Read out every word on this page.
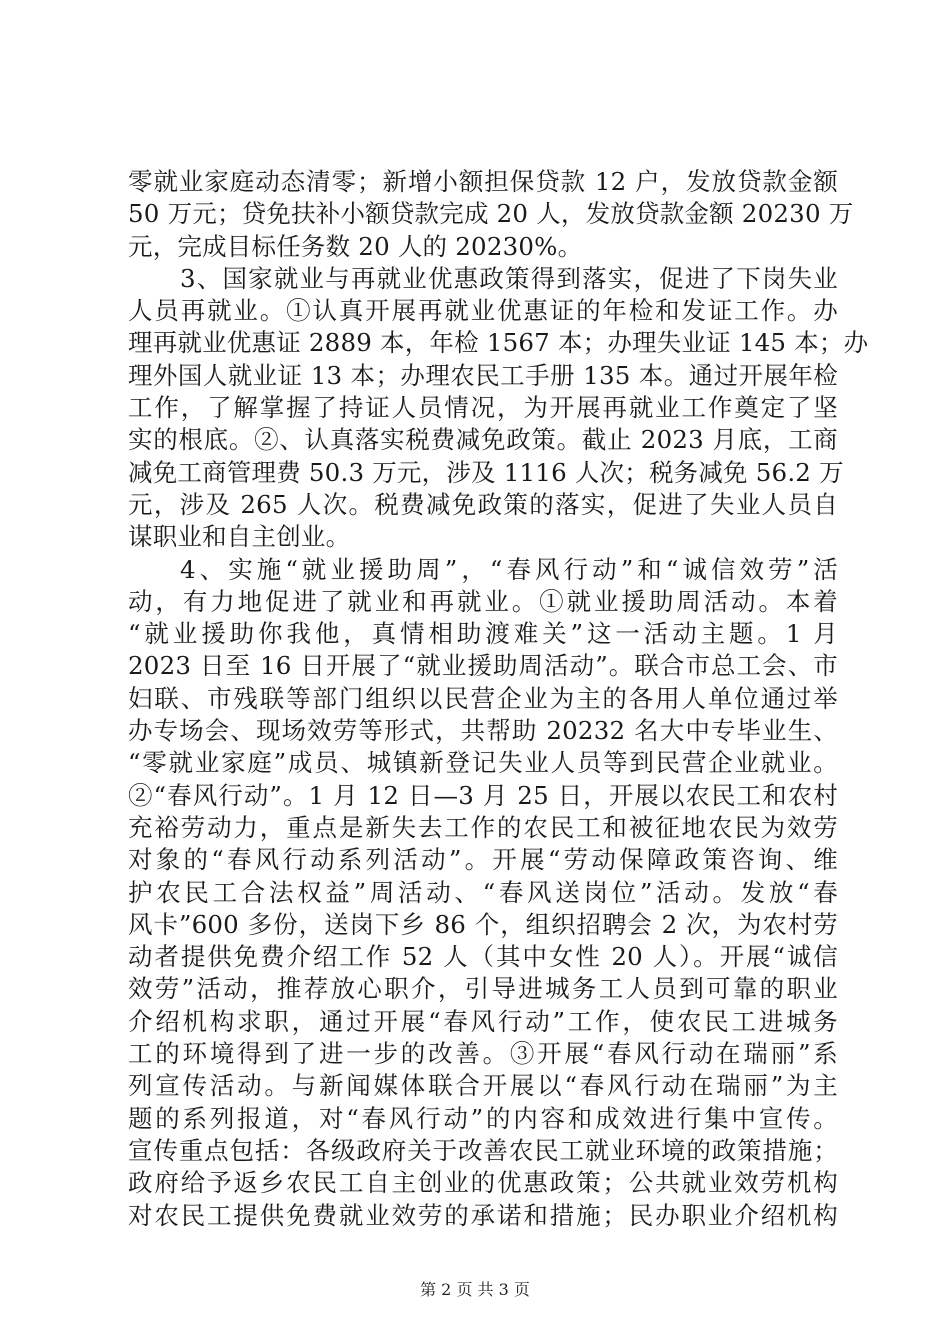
零就业家庭动态清零；新增小额担保贷款 12 户，发放贷款金额
50 万元；贷免扶补小额贷款完成 20 人，发放贷款金额 20230 万
元，完成目标任务数 20 人的 20230%。
3、国家就业与再就业优惠政策得到落实，促进了下岗失业
人员再就业。①认真开展再就业优惠证的年检和发证工作。办
理再就业优惠证 2889 本，年检 1567 本；办理失业证 145 本；办
理外国人就业证 13 本；办理农民工手册 135 本。通过开展年检
工作，了解掌握了持证人员情况，为开展再就业工作奠定了坚
实的根底。②、认真落实税费减免政策。截止 2023 月底，工商
减免工商管理费 50.3 万元，涉及 1116 人次；税务减免 56.2 万
元，涉及 265 人次。税费减免政策的落实，促进了失业人员自
谋职业和自主创业。
4、实施“就业援助周”，“春风行动”和“诚信效劳”活
动，有力地促进了就业和再就业。①就业援助周活动。本着
“就业援助你我他，真情相助渡难关”这一活动主题。1 月
2023 日至 16 日开展了“就业援助周活动”。联合市总工会、市
妇联、市残联等部门组织以民营企业为主的各用人单位通过举
办专场会、现场效劳等形式，共帮助 20232 名大中专毕业生、
“零就业家庭”成员、城镇新登记失业人员等到民营企业就业。
②“春风行动”。1 月 12 日—3 月 25 日，开展以农民工和农村
充裕劳动力，重点是新失去工作的农民工和被征地农民为效劳
对象的“春风行动系列活动”。开展“劳动保障政策咨询、维
护农民工合法权益”周活动、“春风送岗位”活动。发放“春
风卡”600 多份，送岗下乡 86 个，组织招聘会 2 次，为农村劳
动者提供免费介绍工作 52 人（其中女性 20 人）。开展“诚信
效劳”活动，推荐放心职介，引导进城务工人员到可靠的职业
介绍机构求职，通过开展“春风行动”工作，使农民工进城务
工的环境得到了进一步的改善。③开展“春风行动在瑞丽”系
列宣传活动。与新闻媒体联合开展以“春风行动在瑞丽”为主
题的系列报道，对“春风行动”的内容和成效进行集中宣传。
宣传重点包括：各级政府关于改善农民工就业环境的政策措施；
政府给予返乡农民工自主创业的优惠政策；公共就业效劳机构
对农民工提供免费就业效劳的承诺和措施；民办职业介绍机构
第 2 页 共 3 页
